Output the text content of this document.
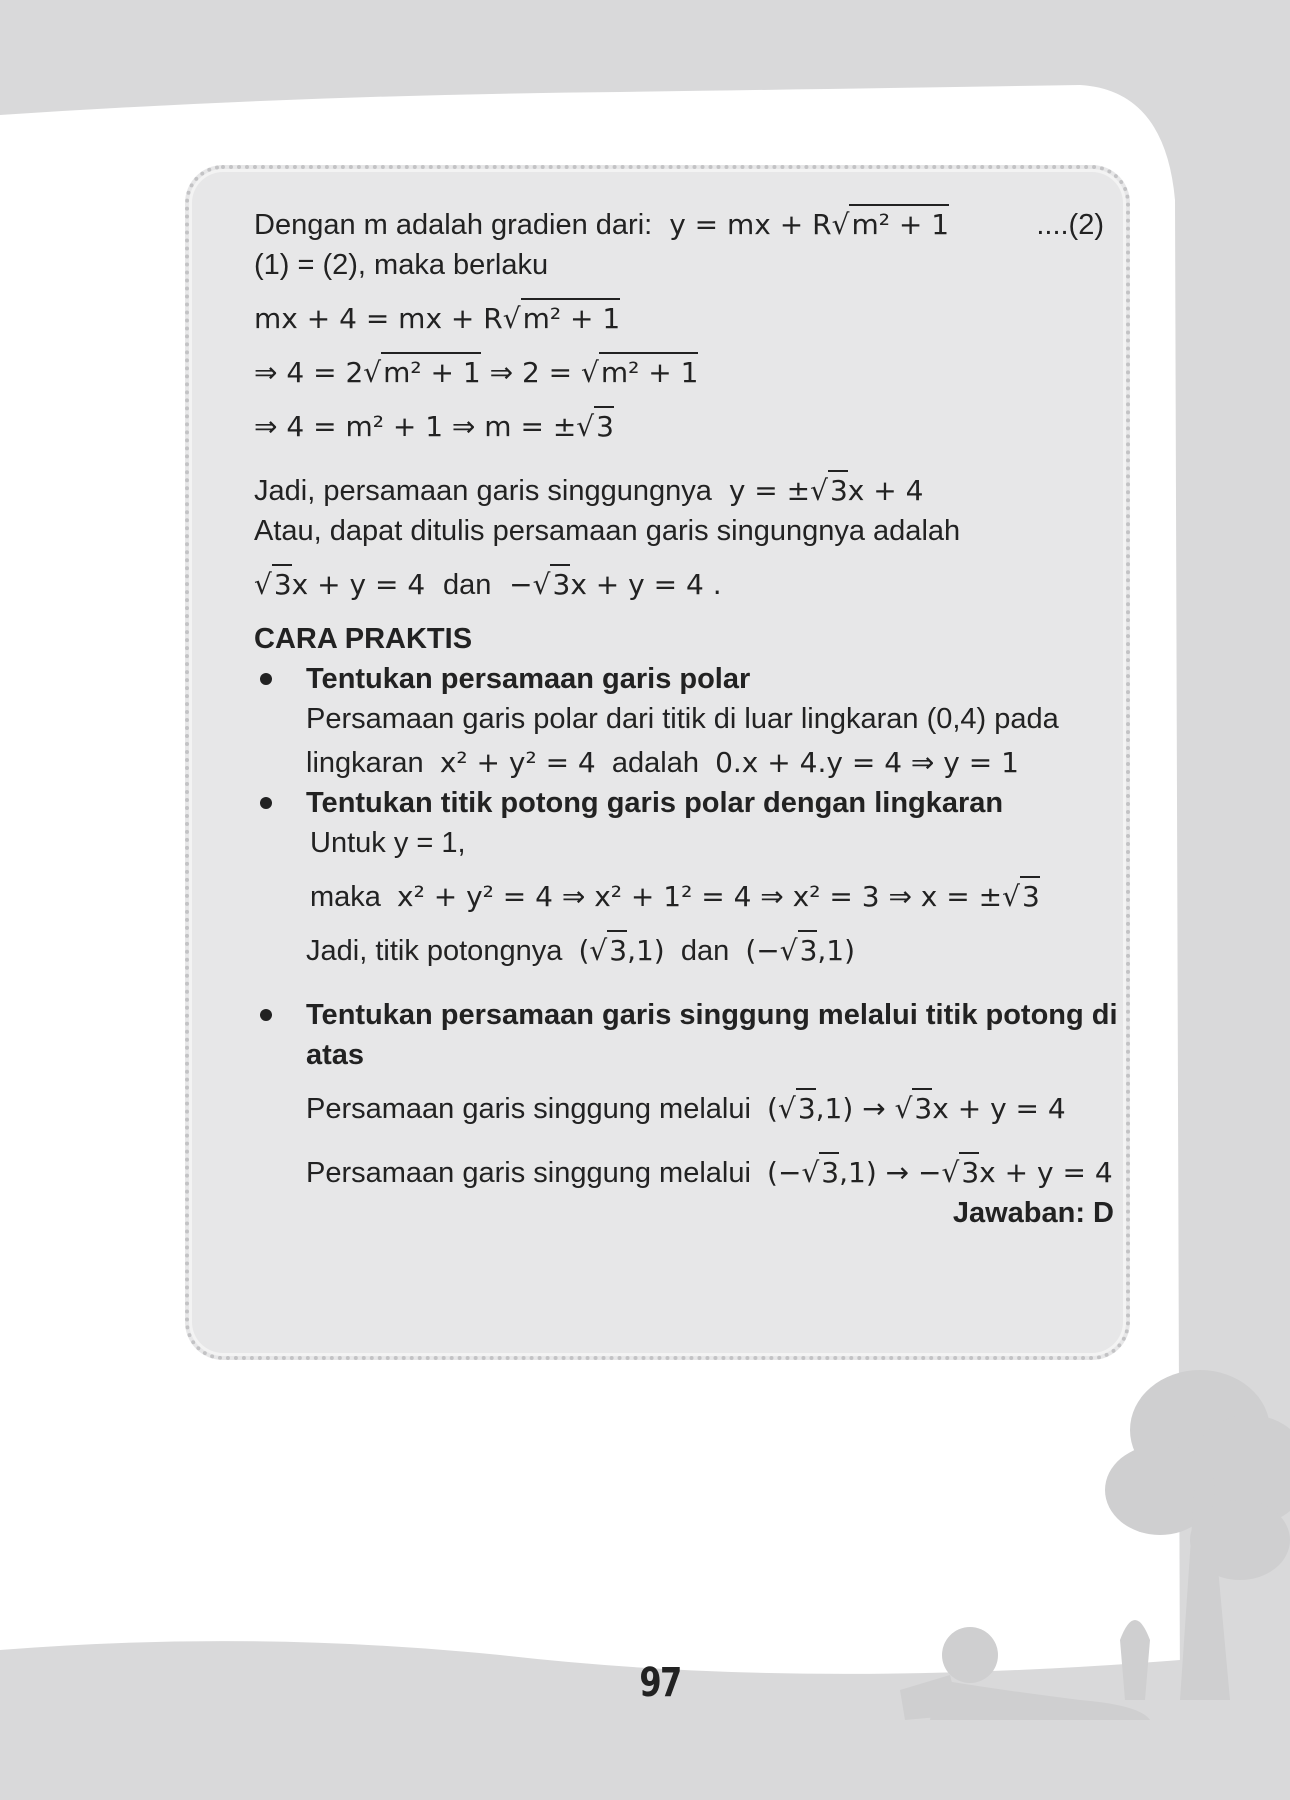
Dengan m adalah gradien dari: y = mx + R√m² + 1	....(2)
(1) = (2), maka berlaku
mx + 4 = mx + R√m² + 1
⇒ 4 = 2√m² + 1 ⇒ 2 = √m² + 1
⇒ 4 = m² + 1 ⇒ m = ±√3
Jadi, persamaan garis singgungnya y = ±√3x + 4
Atau, dapat ditulis persamaan garis singungnya adalah
√3x + y = 4 dan −√3x + y = 4 .
CARA PRAKTIS
Tentukan persamaan garis polar
Persamaan garis polar dari titik di luar lingkaran (0,4) pada
lingkaran x² + y² = 4 adalah 0.x + 4.y = 4 ⇒ y = 1
Tentukan titik potong garis polar dengan lingkaran
Untuk y = 1,
maka x² + y² = 4 ⇒ x² + 1² = 4 ⇒ x² = 3 ⇒ x = ±√3
Jadi, titik potongnya (√3,1) dan (−√3,1)
Tentukan persamaan garis singgung melalui titik potong di
atas
Persamaan garis singgung melalui (√3,1) → √3x + y = 4
Persamaan garis singgung melalui (−√3,1) → −√3x + y = 4
Jawaban: D
97
